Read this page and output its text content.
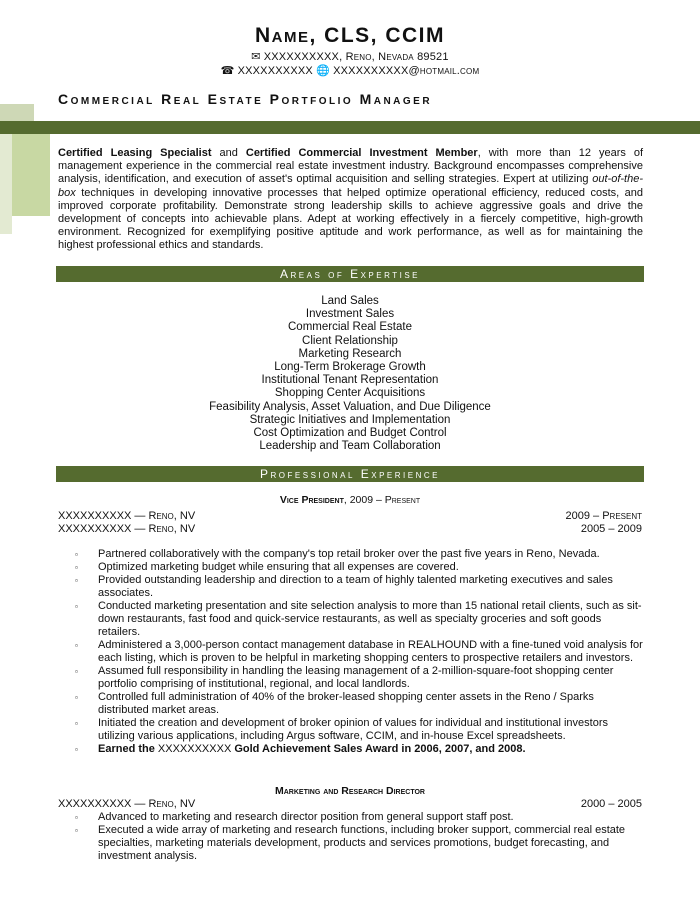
Name, CLS, CCIM
✉ XXXXXXXXXX, Reno, Nevada 89521
☎ XXXXXXXXXX 🌐 XXXXXXXXXX@hotmail.com
Commercial Real Estate Portfolio Manager
Certified Leasing Specialist and Certified Commercial Investment Member, with more than 12 years of management experience in the commercial real estate investment industry. Background encompasses comprehensive analysis, identification, and execution of asset's optimal acquisition and selling strategies. Expert at utilizing out-of-the-box techniques in developing innovative processes that helped optimize operational efficiency, reduced costs, and improved corporate profitability. Demonstrate strong leadership skills to achieve aggressive goals and drive the development of concepts into achievable plans. Adept at working effectively in a fiercely competitive, high-growth environment. Recognized for exemplifying positive aptitude and work performance, as well as for maintaining the highest professional ethics and standards.
Areas of Expertise
Land Sales
Investment Sales
Commercial Real Estate
Client Relationship
Marketing Research
Long-Term Brokerage Growth
Institutional Tenant Representation
Shopping Center Acquisitions
Feasibility Analysis, Asset Valuation, and Due Diligence
Strategic Initiatives and Implementation
Cost Optimization and Budget Control
Leadership and Team Collaboration
Professional Experience
Vice President, 2009 – Present
XXXXXXXXXX — Reno, NV	2009 – Present
XXXXXXXXXX — Reno, NV	2005 – 2009
▫ Partnered collaboratively with the company's top retail broker over the past five years in Reno, Nevada.
▫ Optimized marketing budget while ensuring that all expenses are covered.
▫ Provided outstanding leadership and direction to a team of highly talented marketing executives and sales associates.
▫ Conducted marketing presentation and site selection analysis to more than 15 national retail clients, such as sit-down restaurants, fast food and quick-service restaurants, as well as specialty groceries and soft goods retailers.
▫ Administered a 3,000-person contact management database in REALHOUND with a fine-tuned void analysis for each listing, which is proven to be helpful in marketing shopping centers to prospective retailers and investors.
▫ Assumed full responsibility in handling the leasing management of a 2-million-square-foot shopping center portfolio comprising of institutional, regional, and local landlords.
▫ Controlled full administration of 40% of the broker-leased shopping center assets in the Reno / Sparks distributed market areas.
▫ Initiated the creation and development of broker opinion of values for individual and institutional investors utilizing various applications, including Argus software, CCIM, and in-house Excel spreadsheets.
▫ Earned the XXXXXXXXXX Gold Achievement Sales Award in 2006, 2007, and 2008.
Marketing and Research Director
XXXXXXXXXX — Reno, NV	2000 – 2005
▫ Advanced to marketing and research director position from general support staff post.
▫ Executed a wide array of marketing and research functions, including broker support, commercial real estate specialties, marketing materials development, products and services promotions, budget forecasting, and investment analysis.
